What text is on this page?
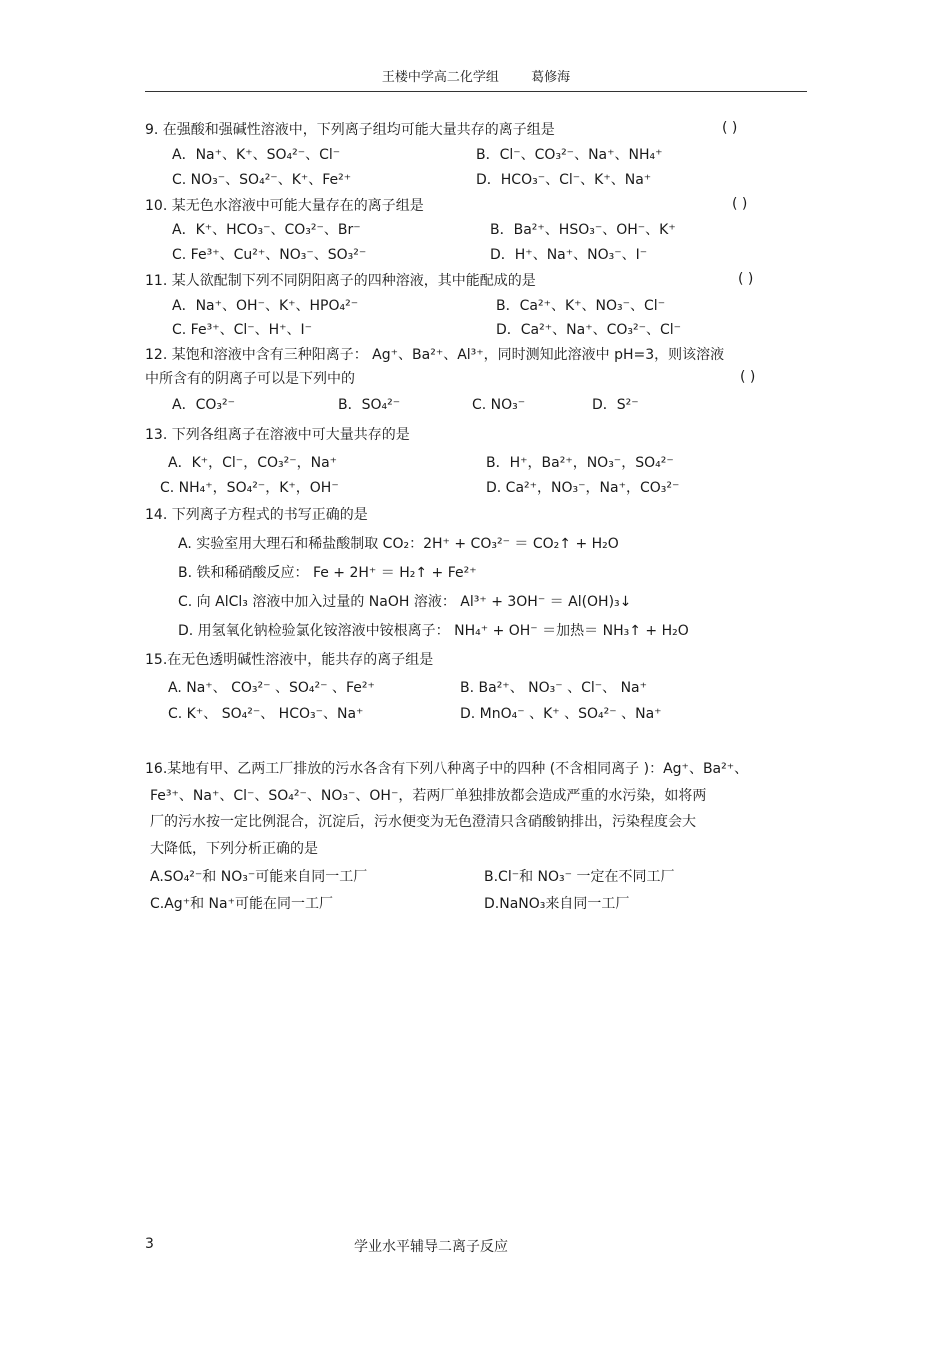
王楼中学高二化学组 葛修海
9. 在强酸和强碱性溶液中，下列离子组均可能大量共存的离子组是	( )
A．Na⁺、K⁺、SO₄²⁻、Cl⁻	B．Cl⁻、CO₃²⁻、Na⁺、NH₄⁺
C. NO₃⁻、SO₄²⁻、K⁺、Fe²⁺	D．HCO₃⁻、Cl⁻、K⁺、Na⁺
10. 某无色水溶液中可能大量存在的离子组是	( )
A．K⁺、HCO₃⁻、CO₃²⁻、Br⁻	B．Ba²⁺、HSO₃⁻、OH⁻、K⁺
C. Fe³⁺、Cu²⁺、NO₃⁻、SO₃²⁻	D．H⁺、Na⁺、NO₃⁻、I⁻
11. 某人欲配制下列不同阴阳离子的四种溶液，其中能配成的是	( )
A．Na⁺、OH⁻、K⁺、HPO₄²⁻	B．Ca²⁺、K⁺、NO₃⁻、Cl⁻
C. Fe³⁺、Cl⁻、H⁺、I⁻	D．Ca²⁺、Na⁺、CO₃²⁻、Cl⁻
12. 某饱和溶液中含有三种阳离子： Ag⁺、Ba²⁺、Al³⁺，同时测知此溶液中 pH=3，则该溶液
中所含有的阴离子可以是下列中的	( )
A．CO₃²⁻	B．SO₄²⁻	C. NO₃⁻	D．S²⁻
13. 下列各组离子在溶液中可大量共存的是
A．K⁺，Cl⁻，CO₃²⁻，Na⁺	B．H⁺，Ba²⁺，NO₃⁻，SO₄²⁻
C. NH₄⁺，SO₄²⁻，K⁺，OH⁻	D. Ca²⁺，NO₃⁻，Na⁺，CO₃²⁻
14. 下列离子方程式的书写正确的是
A. 实验室用大理石和稀盐酸制取 CO₂：2H⁺ + CO₃²⁻ ＝ CO₂↑ + H₂O
B. 铁和稀硝酸反应： Fe + 2H⁺ ＝ H₂↑ + Fe²⁺
C. 向 AlCl₃ 溶液中加入过量的 NaOH 溶液： Al³⁺ + 3OH⁻ ＝ Al(OH)₃↓
D. 用氢氧化钠检验氯化铵溶液中铵根离子： NH₄⁺ + OH⁻ ＝加热＝ NH₃↑ + H₂O
15.在无色透明碱性溶液中，能共存的离子组是
A. Na⁺、 CO₃²⁻ 、SO₄²⁻ 、Fe²⁺	B. Ba²⁺、 NO₃⁻ 、Cl⁻、 Na⁺
C. K⁺、 SO₄²⁻、 HCO₃⁻、Na⁺	D. MnO₄⁻ 、K⁺ 、SO₄²⁻ 、Na⁺
16.某地有甲、乙两工厂排放的污水各含有下列八种离子中的四种 (不含相同离子 )：Ag⁺、Ba²⁺、
Fe³⁺、Na⁺、Cl⁻、SO₄²⁻、NO₃⁻、OH⁻，若两厂单独排放都会造成严重的水污染，如将两
厂的污水按一定比例混合，沉淀后，污水便变为无色澄清只含硝酸钠排出，污染程度会大
大降低，下列分析正确的是
A.SO₄²⁻和 NO₃⁻可能来自同一工厂	B.Cl⁻和 NO₃⁻ 一定在不同工厂
C.Ag⁺和 Na⁺可能在同一工厂	D.NaNO₃来自同一工厂
3	学业水平辅导二离子反应
